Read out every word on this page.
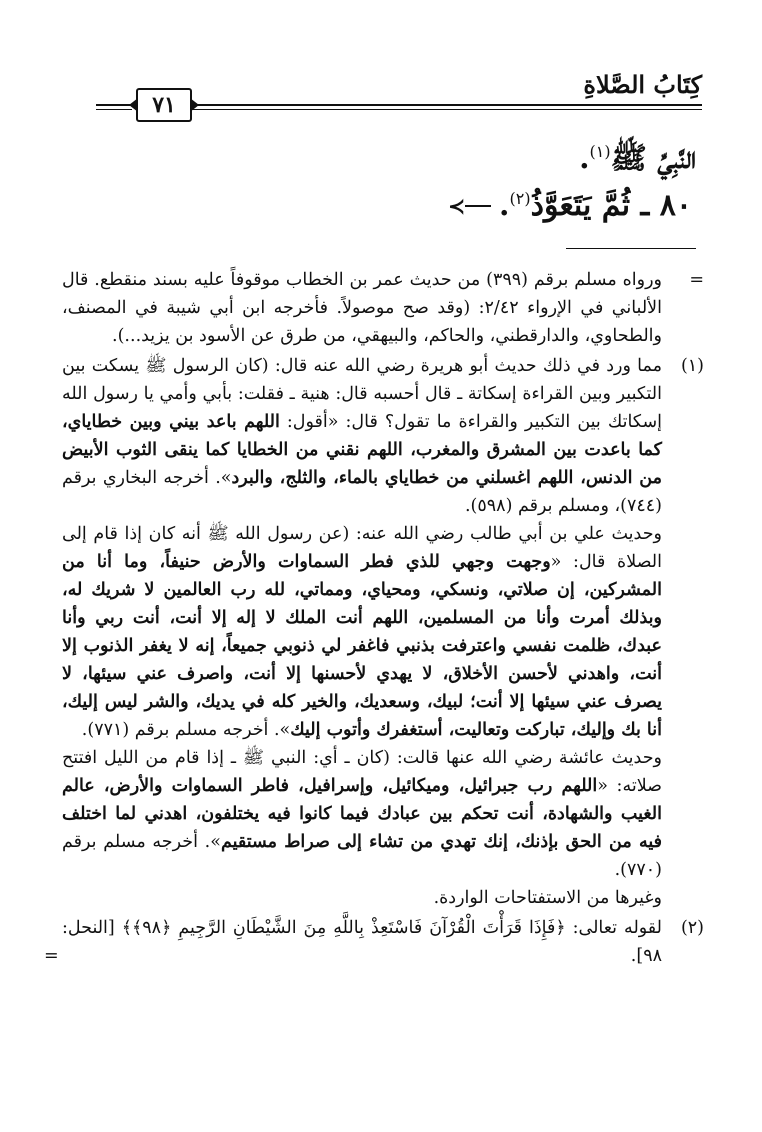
كِتَابُ الصَّلاةِ
٧١
النَّبِيِّ ﷺ$^{(١)}$.
٨٠ ـ ثُمَّ يَتَعَوَّذُ$^{(٢)}$.
≺
=

ورواه مسلم برقم (٣٩٩) من حديث عمر بن الخطاب موقوفاً عليه بسند منقطع. قال الألباني في الإرواء ٢/٤٢: (وقد صح موصولاً. فأخرجه ابن أبي شيبة في المصنف، والطحاوي، والدارقطني، والحاكم، والبيهقي، من طرق عن الأسود بن يزيد...).

(١)

مما ورد في ذلك حديث أبو هريرة رضي الله عنه قال: (كان الرسول ﷺ يسكت بين التكبير وبين القراءة إسكاتة ـ قال أحسبه قال: هنية ـ فقلت: بأبي وأمي يا رسول الله إسكاتك بين التكبير والقراءة ما تقول؟ قال: «أقول: اللهم باعد بيني وبين خطاياي، كما باعدت بين المشرق والمغرب، اللهم نقني من الخطايا كما ينقى الثوب الأبيض من الدنس، اللهم اغسلني من خطاياي بالماء، والثلج، والبرد». أخرجه البخاري برقم (٧٤٤)، ومسلم برقم (٥٩٨).

وحديث علي بن أبي طالب رضي الله عنه: (عن رسول الله ﷺ أنه كان إذا قام إلى الصلاة قال: «وجهت وجهي للذي فطر السماوات والأرض حنيفاً، وما أنا من المشركين، إن صلاتي، ونسكي، ومحياي، ومماتي، لله رب العالمين لا شريك له، وبذلك أمرت وأنا من المسلمين، اللهم أنت الملك لا إله إلا أنت، أنت ربي وأنا عبدك، ظلمت نفسي واعترفت بذنبي فاغفر لي ذنوبي جميعاً، إنه لا يغفر الذنوب إلا أنت، واهدني لأحسن الأخلاق، لا يهدي لأحسنها إلا أنت، واصرف عني سيئها، لا يصرف عني سيئها إلا أنت؛ لبيك، وسعديك، والخير كله في يديك، والشر ليس إليك، أنا بك وإليك، تباركت وتعاليت، أستغفرك وأتوب إليك». أخرجه مسلم برقم (٧٧١).

وحديث عائشة رضي الله عنها قالت: (كان ـ أي: النبي ﷺ ـ إذا قام من الليل افتتح صلاته: «اللهم رب جبرائيل، وميكائيل، وإسرافيل، فاطر السماوات والأرض، عالم الغيب والشهادة، أنت تحكم بين عبادك فيما كانوا فيه يختلفون، اهدني لما اختلف فيه من الحق بإذنك، إنك تهدي من تشاء إلى صراط مستقيم». أخرجه مسلم برقم (٧٧٠).

وغيرها من الاستفتاحات الواردة.

(٢)

لقوله تعالى: ﴿فَإِذَا قَرَأْتَ الْقُرْآنَ فَاسْتَعِذْ بِاللَّهِ مِنَ الشَّيْطَانِ الرَّجِيمِ ﴿٩٨﴾﴾ [النحل: ٩٨].

=
